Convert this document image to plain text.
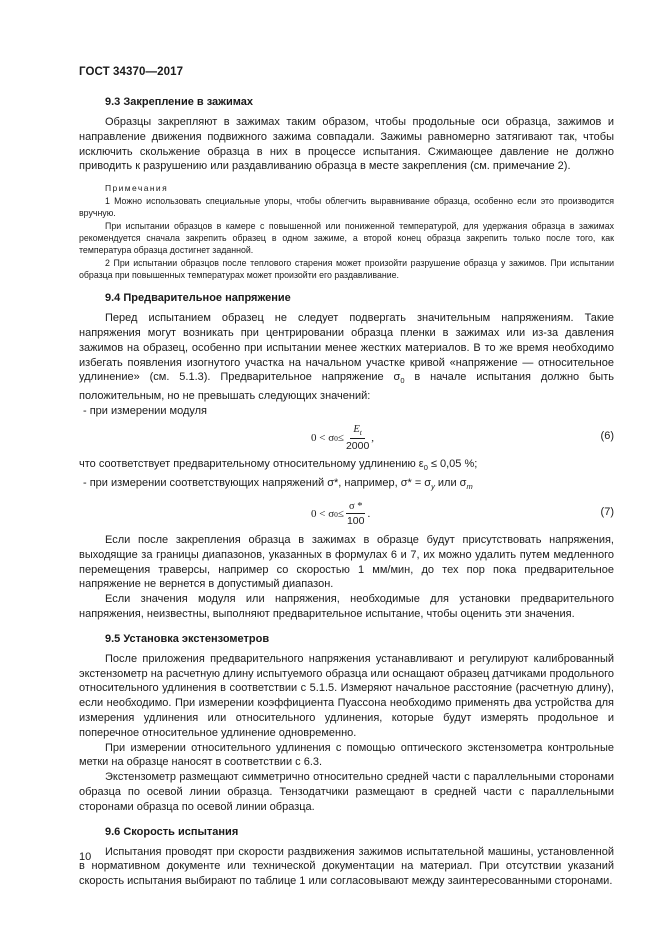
ГОСТ 34370—2017
9.3 Закрепление в зажимах

Образцы закрепляют в зажимах таким образом, чтобы продольные оси образца, зажимов и направление движения подвижного зажима совпадали. Зажимы равномерно затягивают так, чтобы исключить скольжение образца в них в процессе испытания. Сжимающее давление не должно приводить к разрушению или раздавливанию образца в месте закрепления (см. примечание 2).

Примечания

1 Можно использовать специальные упоры, чтобы облегчить выравнивание образца, особенно если это производится вручную.

При испытании образцов в камере с повышенной или пониженной температурой, для удержания образца в зажимах рекомендуется сначала закрепить образец в одном зажиме, а второй конец образца закрепить только после того, как температура образца достигнет заданной.

2 При испытании образцов после теплового старения может произойти разрушение образца у зажимов. При испытании образца при повышенных температурах может произойти его раздавливание.

9.4 Предварительное напряжение

Перед испытанием образец не следует подвергать значительным напряжениям. Такие напряжения могут возникать при центрировании образца пленки в зажимах или из-за давления зажимов на образец, особенно при испытании менее жестких материалов. В то же время необходимо избегать появления изогнутого участка на начальном участке кривой «напряжение — относительное удлинение» (см. 5.1.3). Предварительное напряжение $\sigma_0$ в начале испытания должно быть положительным, но не превышать следующих значений:

- при измерении модуля
0 < σ $0 \le \frac{E_t}{2000}$ ,	(6)
что соответствует предварительному относительному удлинению $\varepsilon_0 \le 0,05$ %;
- при измерении соответствующих напряжений σ*, например, $\sigma* = \sigma_y$ или $\sigma_m$
0 < σ $0 \le \frac{\sigma *}{100}$ .	(7)

Если после закрепления образца в зажимах в образце будут присутствовать напряжения, выходящие за границы диапазонов, указанных в формулах 6 и 7, их можно удалить путем медленного перемещения траверсы, например со скоростью 1 мм/мин, до тех пор пока предварительное напряжение не вернется в допустимый диапазон.

Если значения модуля или напряжения, необходимые для установки предварительного напряжения, неизвестны, выполняют предварительное испытание, чтобы оценить эти значения.

9.5 Установка экстензометров

После приложения предварительного напряжения устанавливают и регулируют калиброванный экстензометр на расчетную длину испытуемого образца или оснащают образец датчиками продольного относительного удлинения в соответствии с 5.1.5. Измеряют начальное расстояние (расчетную длину), если необходимо. При измерении коэффициента Пуассона необходимо применять два устройства для измерения удлинения или относительного удлинения, которые будут измерять продольное и поперечное относительное удлинение одновременно.

При измерении относительного удлинения с помощью оптического экстензометра контрольные метки на образце наносят в соответствии с 6.3.

Экстензометр размещают симметрично относительно средней части с параллельными сторонами образца по осевой линии образца. Тензодатчики размещают в средней части с параллельными сторонами образца по осевой линии образца.

9.6 Скорость испытания

Испытания проводят при скорости раздвижения зажимов испытательной машины, установленной в нормативном документе или технической документации на материал. При отсутствии указаний скорость испытания выбирают по таблице 1 или согласовывают между заинтересованными сторонами.

10
